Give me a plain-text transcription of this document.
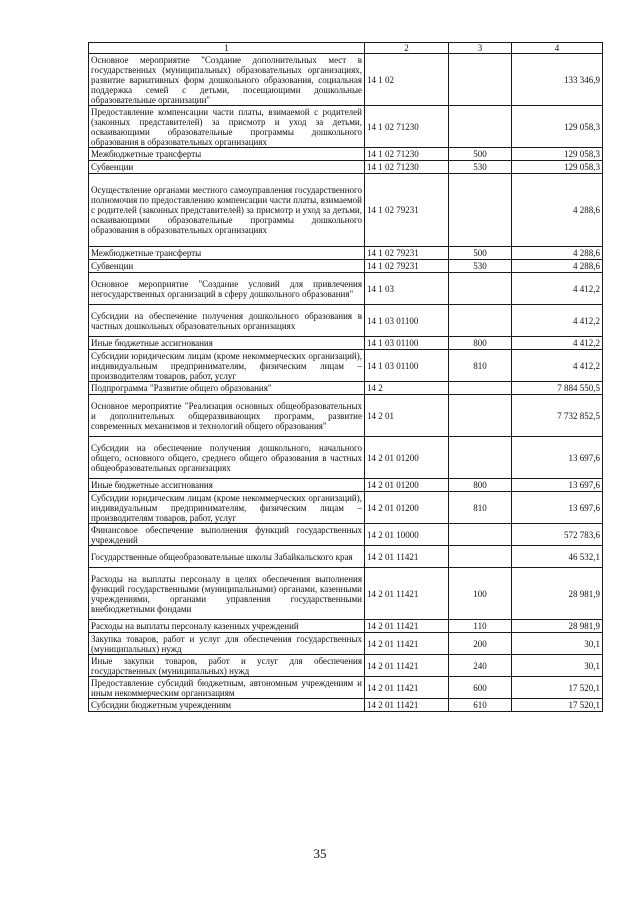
1	2	3	4
Основное мероприятие "Создание дополнительных мест в государственных (муниципальных) образовательных организациях, развитие вариативных форм дошкольного образования, социальная поддержка семей с детьми, посещающими дошкольные образовательные организации"	14 1 02		133 346,9
Предоставление компенсации части платы, взимаемой с родителей (законных представителей) за присмотр и уход за детьми, осваивающими образовательные программы дошкольного образования в образовательных организациях	14 1 02 71230		129 058,3
Межбюджетные трансферты	14 1 02 71230	500	129 058,3
Субвенции	14 1 02 71230	530	129 058,3
Осуществление органами местного самоуправления государственного полномочия по предоставлению компенсации части платы, взимаемой с родителей (законных представителей) за присмотр и уход за детьми, осваивающими образовательные программы дошкольного образования в образовательных организациях	14 1 02 79231		4 288,6
Межбюджетные трансферты	14 1 02 79231	500	4 288,6
Субвенции	14 1 02 79231	530	4 288,6
Основное мероприятие "Создание условий для привлечения негосударственных организаций в сферу дошкольного образования"	14 1 03		4 412,2
Субсидии на обеспечение получения дошкольного образования в частных дошкольных образовательных организациях	14 1 03 01100		4 412,2
Иные бюджетные ассигнования	14 1 03 01100	800	4 412,2
Субсидии юридическим лицам (кроме некоммерческих организаций), индивидуальным предпринимателям, физическим лицам – производителям товаров, работ, услуг	14 1 03 01100	810	4 412,2
Подпрограмма "Развитие общего образования"	14 2		7 884 550,5
Основное мероприятие "Реализация основных общеобразовательных и дополнительных общеразвивающих программ, развитие современных механизмов и технологий общего образования"	14 2 01		7 732 852,5
Субсидии на обеспечение получения дошкольного, начального общего, основного общего, среднего общего образования в частных общеобразовательных организациях	14 2 01 01200		13 697,6
Иные бюджетные ассигнования	14 2 01 01200	800	13 697,6
Субсидии юридическим лицам (кроме некоммерческих организаций), индивидуальным предпринимателям, физическим лицам – производителям товаров, работ, услуг	14 2 01 01200	810	13 697,6
Финансовое обеспечение выполнения функций государственных учреждений	14 2 01 10000		572 783,6
Государственные общеобразовательные школы Забайкальского края	14 2 01 11421		46 532,1
Расходы на выплаты персоналу в целях обеспечения выполнения функций государственными (муниципальными) органами, казенными учреждениями, органами управления государственными внебюджетными фондами	14 2 01 11421	100	28 981,9
Расходы на выплаты персоналу казенных учреждений	14 2 01 11421	110	28 981,9
Закупка товаров, работ и услуг для обеспечения государственных (муниципальных) нужд	14 2 01 11421	200	30,1
Иные закупки товаров, работ и услуг для обеспечения государственных (муниципальных) нужд	14 2 01 11421	240	30,1
Предоставление субсидий бюджетным, автономным учреждениям и иным некоммерческим организациям	14 2 01 11421	600	17 520,1
Субсидии бюджетным учреждениям	14 2 01 11421	610	17 520,1
35
